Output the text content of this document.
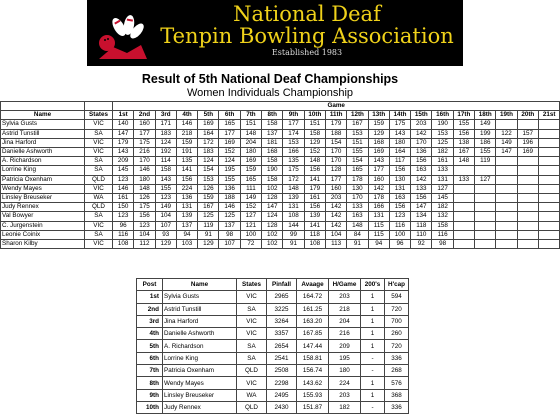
National Deaf
Tenpin Bowling Association
Established 1983
Result of 5th National Deaf Championships
Women Individuals Championship
		Game																				
Name	States	1st	2nd	3rd	4th	5th	6th	7th	8th	9th	10th	11th	12th	13th	14th	15th	16th	17th	18th	19th	20th	21st
Sylvia Gusts	VIC	140	160	171	146	169	165	151	158	177	151	179	167	159	175	203	190	155	149			
Astrid Tunstill	SA	147	177	183	218	164	177	148	137	174	158	188	153	129	143	142	153	156	199	122	157	
Jina Harford	VIC	179	175	124	159	172	169	204	181	153	129	154	151	168	180	170	125	138	186	149	196	
Danielle Ashworth	VIC	143	216	192	191	183	152	180	168	166	152	170	155	169	164	136	182	167	155	147	169	
A. Richardson	SA	209	170	114	135	124	124	169	158	135	148	170	154	143	117	156	161	148	119			
Lorrine King	SA	145	146	158	141	154	195	159	190	175	156	128	165	177	156	163	133					
Patricia Oxenham	QLD	123	180	143	156	153	155	165	158	172	141	177	178	160	130	142	131	133	127			
Wendy Mayes	VIC	146	148	155	224	126	136	111	102	148	179	160	130	142	131	133	127					
Linsley Breuseker	WA	161	126	123	136	159	188	149	128	139	161	203	170	178	163	156	145					
Judy Rennex	QLD	150	175	149	131	167	146	152	147	131	156	142	133	166	156	147	182					
Val Bowyer	SA	123	156	104	139	125	125	127	124	108	139	142	163	131	123	134	132					
C. Jurgenstein	VIC	96	123	107	137	119	137	121	128	144	141	142	148	115	116	118	158					
Leonie Coinix	SA	116	104	93	94	91	98	100	102	99	118	104	84	115	100	110	116					
Sharon Kilby	VIC	108	112	129	103	129	107	72	102	91	108	113	91	94	96	92	98					
Post	Name	States	Pinfall	Avaage	H/Game	200's	H'cap
1st	Sylvia Gusts	VIC	2965	164.72	203	1	594
2nd	Astrid Tunstill	SA	3225	161.25	218	1	720
3rd	Jina Harford	VIC	3264	163.20	204	1	700
4th	Danielle Ashworth	VIC	3357	167.85	216	1	260
5th	A. Richardson	SA	2654	147.44	209	1	720
6th	Lorrine King	SA	2541	158.81	195	-	336
7th	Patricia Oxenham	QLD	2508	156.74	180	-	268
8th	Wendy Mayes	VIC	2298	143.62	224	1	576
9th	Linsley Breuseker	WA	2495	155.93	203	1	368
10th	Judy Rennex	QLD	2430	151.87	182	-	336
